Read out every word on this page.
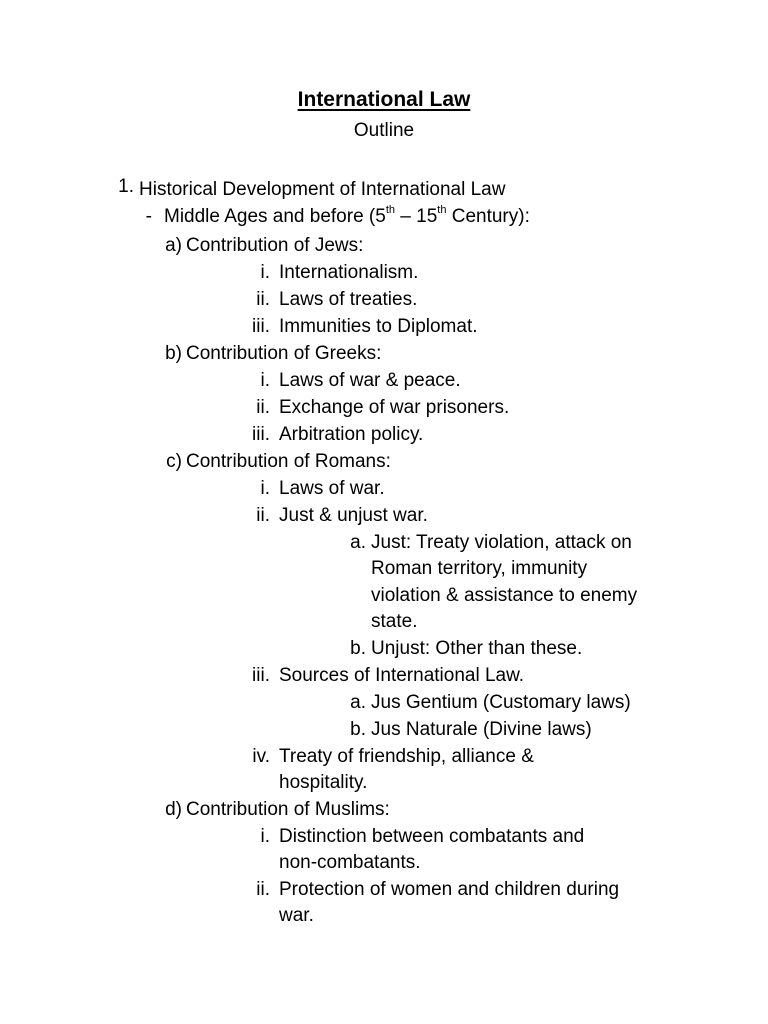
International Law
Outline
1. Historical Development of International Law
- Middle Ages and before (5th – 15th Century):
a) Contribution of Jews:
i. Internationalism.
ii. Laws of treaties.
iii. Immunities to Diplomat.
b) Contribution of Greeks:
i. Laws of war & peace.
ii. Exchange of war prisoners.
iii. Arbitration policy.
c) Contribution of Romans:
i. Laws of war.
ii. Just & unjust war.
a. Just: Treaty violation, attack on
Roman territory, immunity
violation & assistance to enemy
state.
b. Unjust: Other than these.
iii. Sources of International Law.
a. Jus Gentium (Customary laws)
b. Jus Naturale (Divine laws)
iv. Treaty of friendship, alliance &
hospitality.
d) Contribution of Muslims:
i. Distinction between combatants and
non-combatants.
ii. Protection of women and children during
war.
